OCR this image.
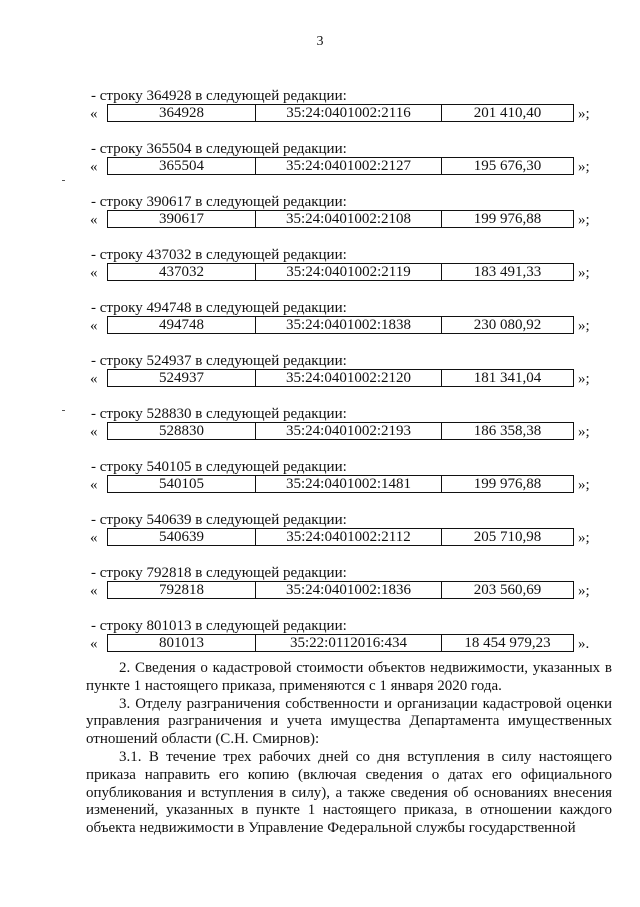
3
- строку 364928 в следующей редакции:
«	364928	35:24:0401002:2116	201 410,40	»;
- строку 365504 в следующей редакции:
«	365504	35:24:0401002:2127	195 676,30	»;
- строку 390617 в следующей редакции:
«	390617	35:24:0401002:2108	199 976,88	»;
- строку 437032 в следующей редакции:
«	437032	35:24:0401002:2119	183 491,33	»;
- строку 494748 в следующей редакции:
«	494748	35:24:0401002:1838	230 080,92	»;
- строку 524937 в следующей редакции:
«	524937	35:24:0401002:2120	181 341,04	»;
- строку 528830 в следующей редакции:
«	528830	35:24:0401002:2193	186 358,38	»;
- строку 540105 в следующей редакции:
«	540105	35:24:0401002:1481	199 976,88	»;
- строку 540639 в следующей редакции:
«	540639	35:24:0401002:2112	205 710,98	»;
- строку 792818 в следующей редакции:
«	792818	35:24:0401002:1836	203 560,69	»;
- строку 801013 в следующей редакции:
«	801013	35:22:0112016:434	18 454 979,23	».

2. Сведения о кадастровой стоимости объектов недвижимости, указанных в пункте 1 настоящего приказа, применяются с 1 января 2020 года.

3. Отделу разграничения собственности и организации кадастровой оценки управления разграничения и учета имущества Департамента имущественных отношений области (С.Н. Смирнов):

3.1. В течение трех рабочих дней со дня вступления в силу настоящего приказа направить его копию (включая сведения о датах его официального опубликования и вступления в силу), а также сведения об основаниях внесения изменений, указанных в пункте 1 настоящего приказа, в отношении каждого объекта недвижимости в Управление Федеральной службы государственной
